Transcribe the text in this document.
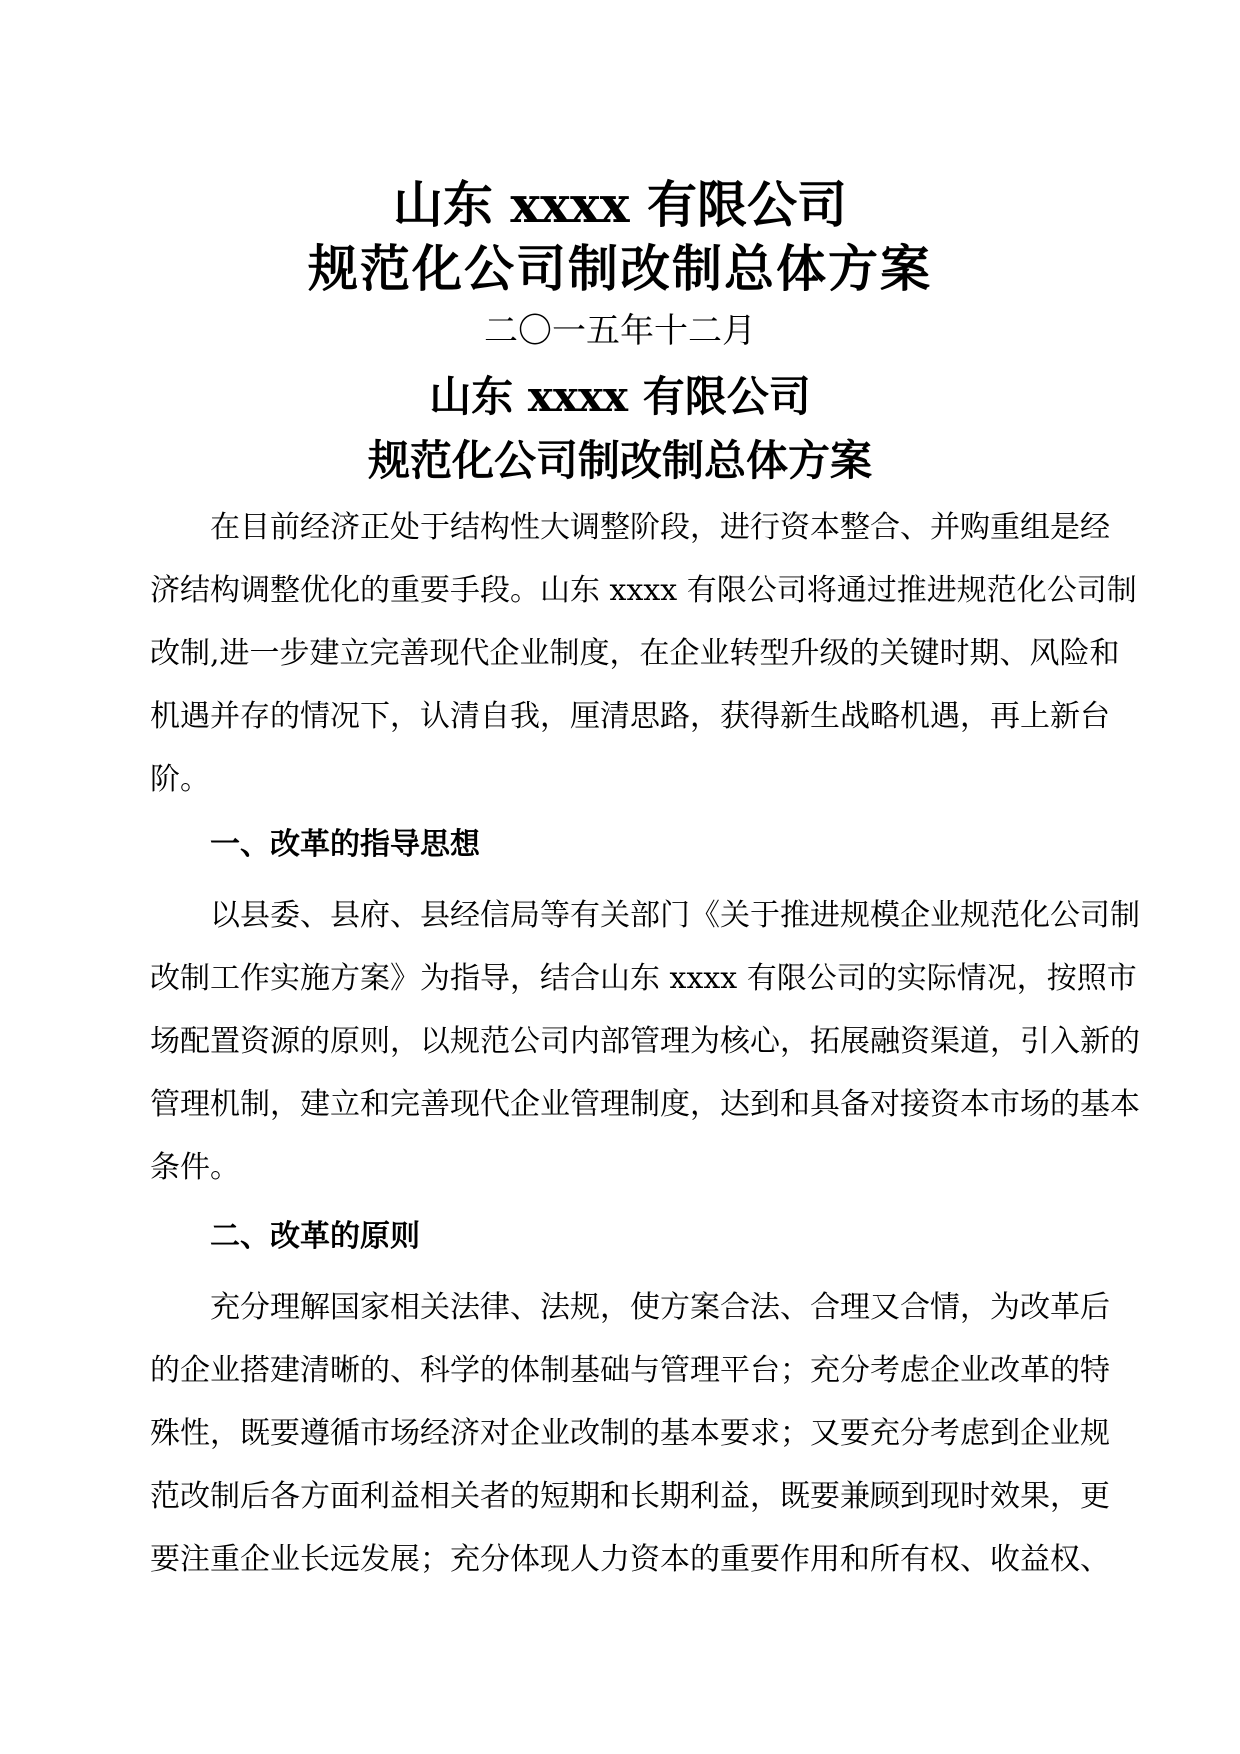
山东 xxxx 有限公司
规范化公司制改制总体方案
二〇一五年十二月
山东 xxxx 有限公司
规范化公司制改制总体方案

在目前经济正处于结构性大调整阶段，进行资本整合、并购重组是经
济结构调整优化的重要手段。山东 xxxx 有限公司将通过推进规范化公司制
改制,进一步建立完善现代企业制度，在企业转型升级的关键时期、风险和
机遇并存的情况下，认清自我，厘清思路，获得新生战略机遇，再上新台
阶。

一、改革的指导思想

以县委、县府、县经信局等有关部门《关于推进规模企业规范化公司制
改制工作实施方案》为指导，结合山东 xxxx 有限公司的实际情况，按照市
场配置资源的原则，以规范公司内部管理为核心，拓展融资渠道，引入新的
管理机制，建立和完善现代企业管理制度，达到和具备对接资本市场的基本
条件。

二、改革的原则

充分理解国家相关法律、法规，使方案合法、合理又合情，为改革后
的企业搭建清晰的、科学的体制基础与管理平台；充分考虑企业改革的特
殊性，既要遵循市场经济对企业改制的基本要求；又要充分考虑到企业规
范改制后各方面利益相关者的短期和长期利益，既要兼顾到现时效果，更
要注重企业长远发展；充分体现人力资本的重要作用和所有权、收益权、
